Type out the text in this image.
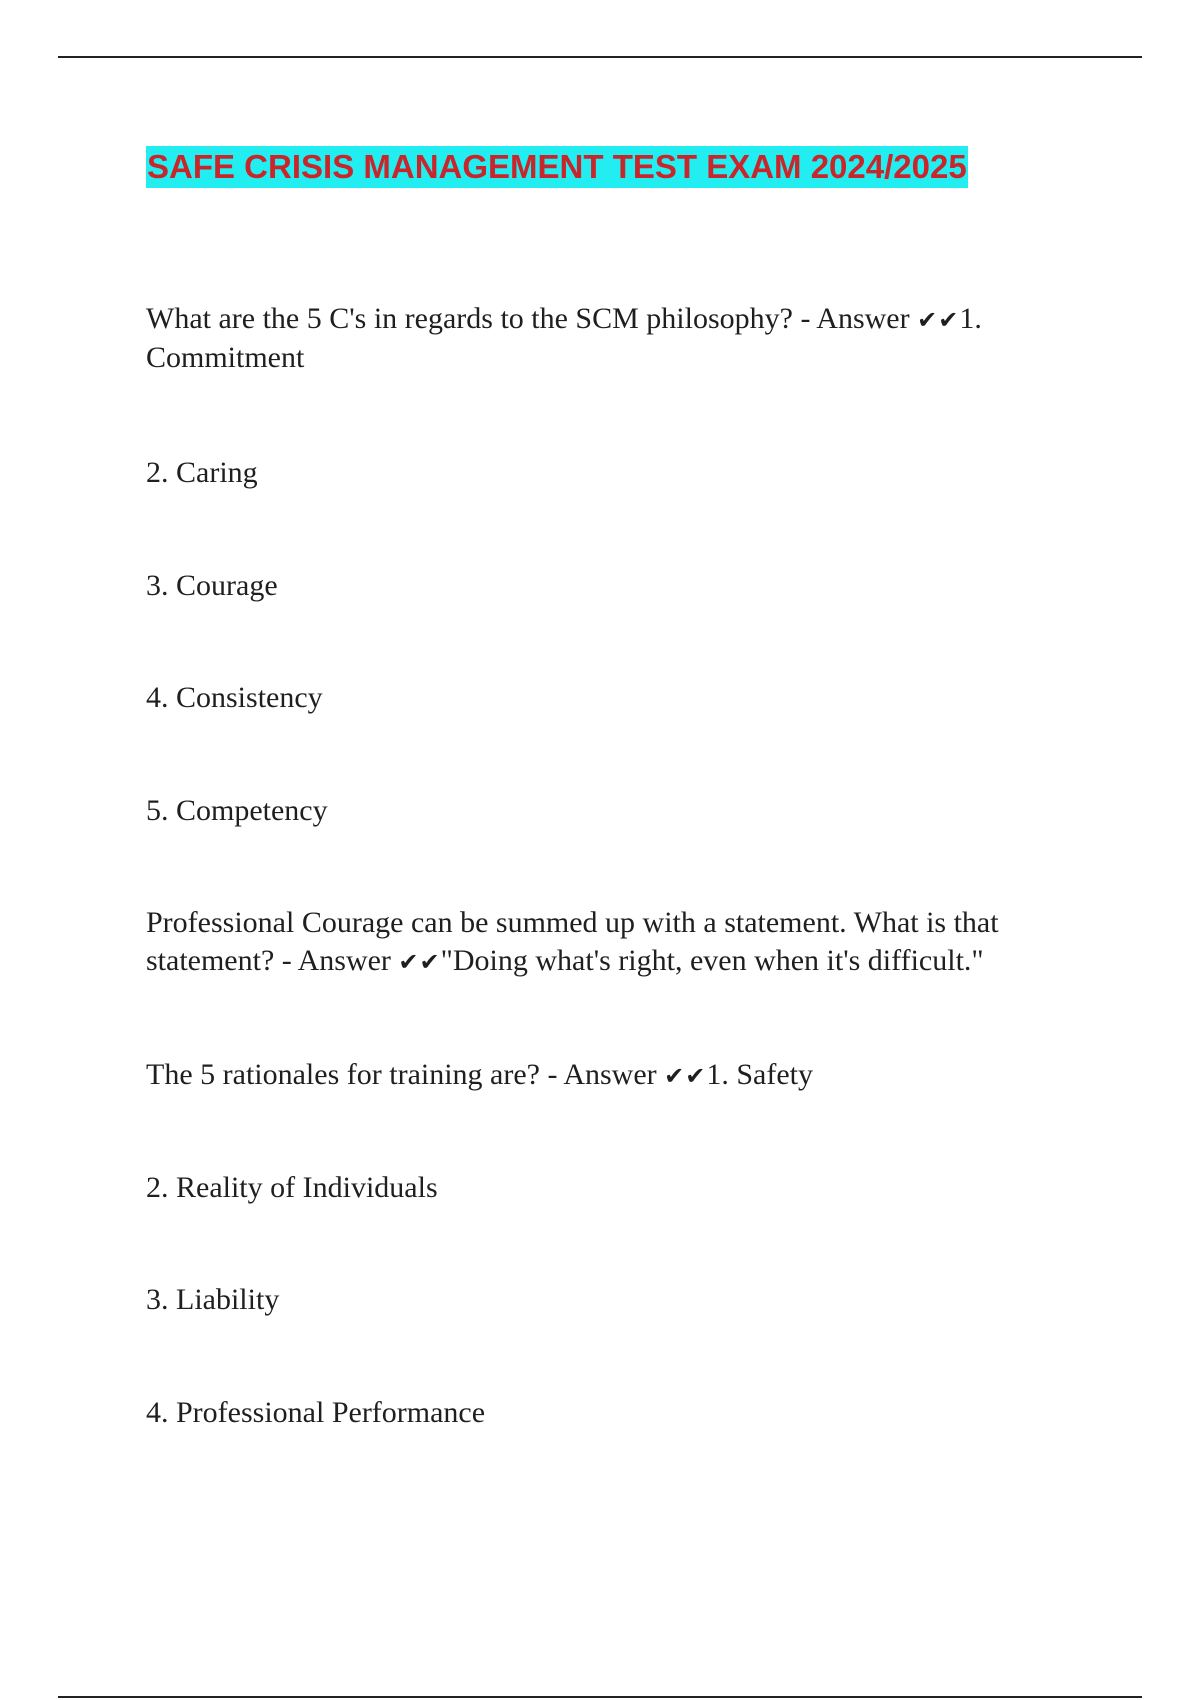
SAFE CRISIS MANAGEMENT TEST EXAM 2024/2025

What are the 5 C's in regards to the SCM philosophy? - Answer ✔✔1. Commitment

2. Caring

3. Courage

4. Consistency

5. Competency

Professional Courage can be summed up with a statement. What is that statement? - Answer ✔✔"Doing what's right, even when it's difficult."

The 5 rationales for training are? - Answer ✔✔1. Safety

2. Reality of Individuals

3. Liability

4. Professional Performance
